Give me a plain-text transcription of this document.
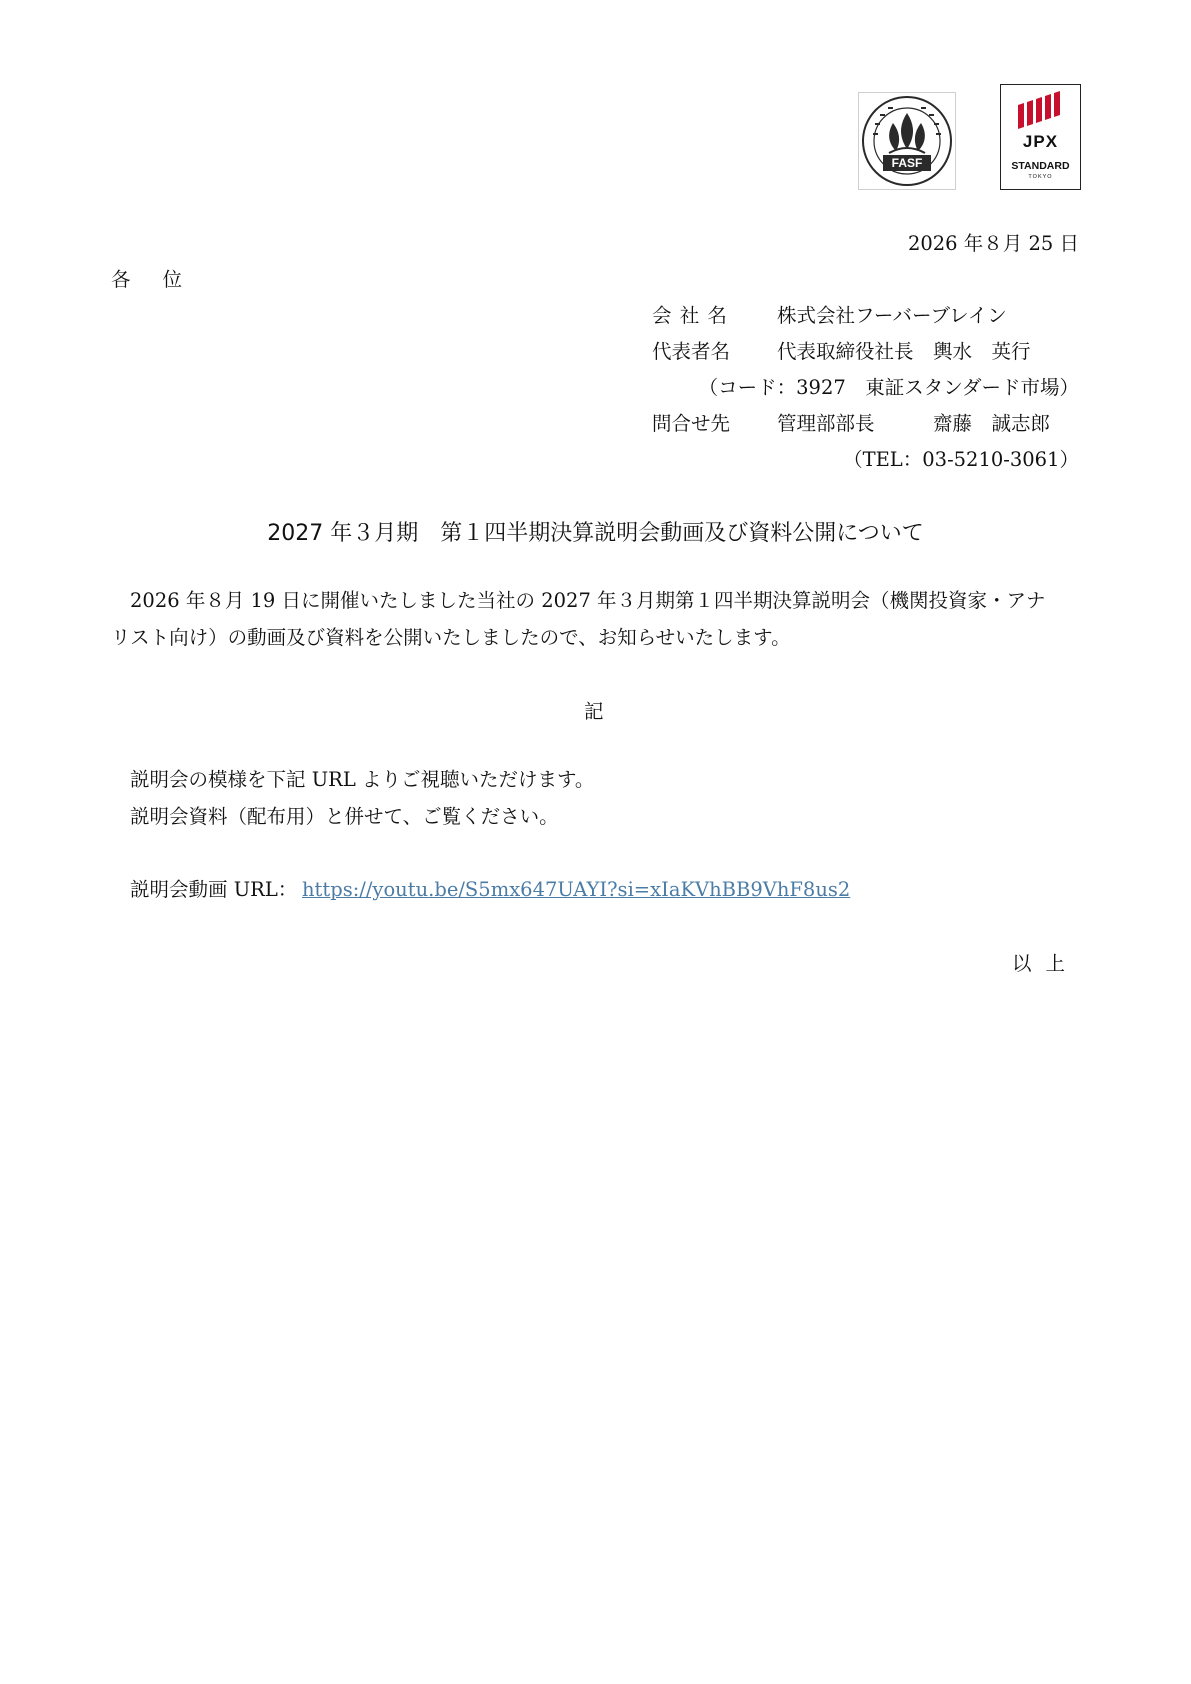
FASF
JPX
STANDARD
TOKYO
2026 年８月 25 日
各位
会 社 名	株式会社フーバーブレイン
代表者名 代表取締役社長　輿水　英行
（コード：3927　東証スタンダード市場）
問合せ先 管理部部長　　　齋藤　誠志郎
（TEL：03-5210-3061）
2027 年３月期　第１四半期決算説明会動画及び資料公開について
2026 年８月 19 日に開催いたしました当社の 2027 年３月期第１四半期決算説明会（機関投資家・アナ
リスト向け）の動画及び資料を公開いたしましたので、お知らせいたします。
記
説明会の模様を下記 URL よりご視聴いただけます。
説明会資料（配布用）と併せて、ご覧ください。
説明会動画 URL： https://youtu.be/S5mx647UAYI?si=xIaKVhBB9VhF8us2
以上
